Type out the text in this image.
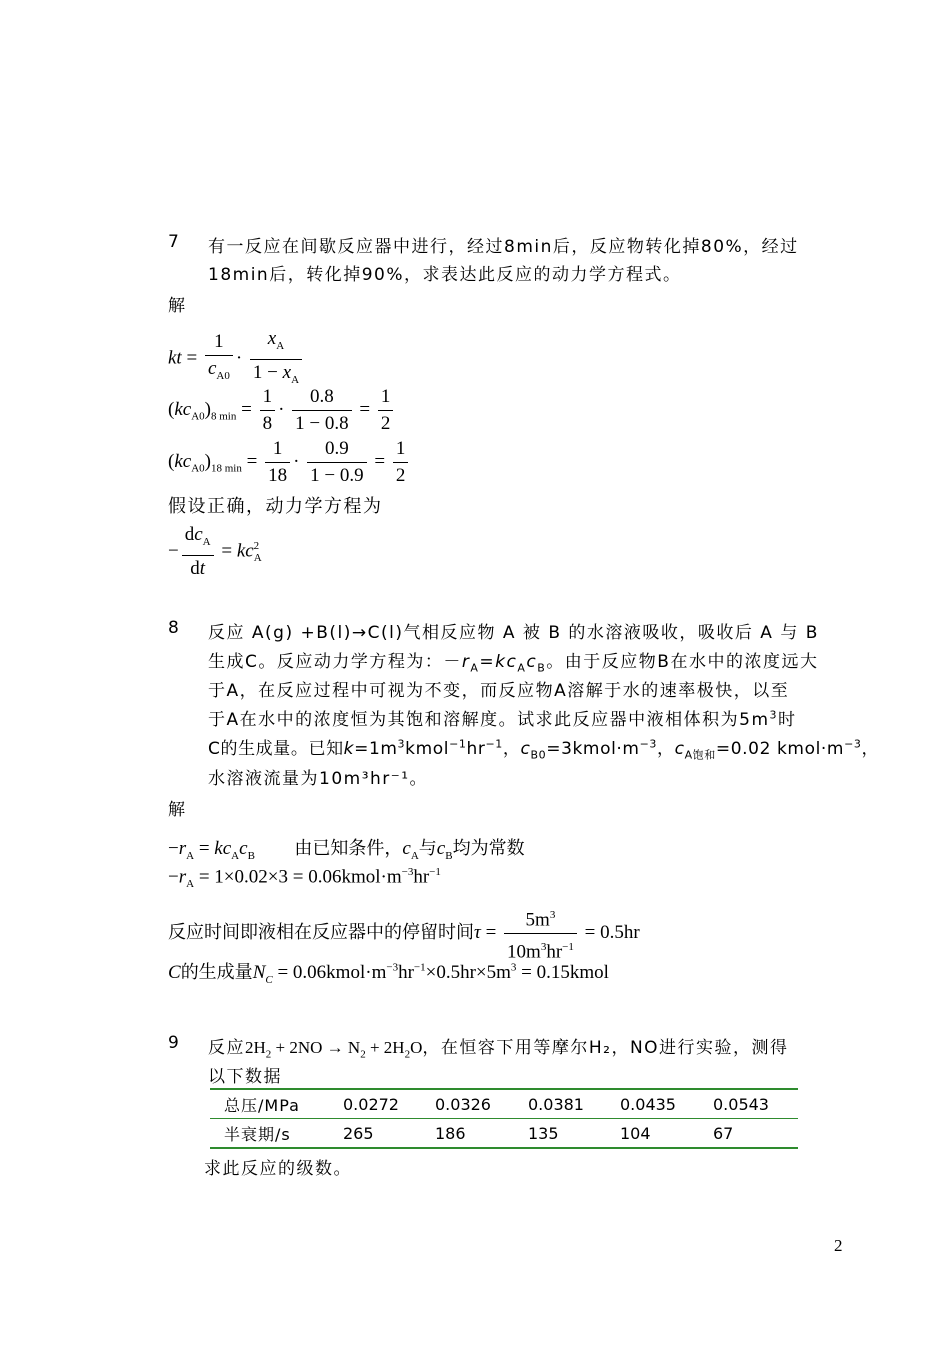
7 有一反应在间歇反应器中进行，经过8min后，反应物转化掉80%，经过
18min后，转化掉90%，求表达此反应的动力学方程式。
解
kt = $\frac{1}{c_{A0}} \cdot \frac{x_A}{1 - x_A}$
$(kc_{A0})_{8 min} = \frac{1}{8} \cdot \frac{0.8}{1 - 0.8} = \frac{1}{2}$
$(kc_{A0})_{18 min} = \frac{1}{18} \cdot \frac{0.9}{1 - 0.9} = \frac{1}{2}$
假设正确，动力学方程为
− $\frac{dc_A}{dt} = kc_A^2$
8 反应 A(g) +B(l)→C(l)气相反应物 A 被 B 的水溶液吸收，吸收后 A 与 B
生成C。反应动力学方程为：$-r_A=kc_Ac_B$。由于反应物B在水中的浓度远大
于A，在反应过程中可视为不变，而反应物A溶解于水的速率极快，以至
于A在水中的浓度恒为其饱和溶解度。试求此反应器中液相体积为$5m^3$时
C的生成量。已知$k=1m^3kmol^{-1}hr^{-1}$，$c_{B0}=3kmol\cdot m^{-3}$，$c_{A饱和}=0.02$ $kmol\cdot m^{-3}$，
水溶液流量为10m³hr⁻¹。
解
$-r_A = kc_Ac_B$ 由已知条件，$c_A$与$c_B$均为常数
$-r_A = 1\times 0.02\times 3$ = $0.06kmol\cdot m^{-3}hr^{-1}$
反应时间即液相在反应器中的停留时间$\tau = \frac{5m^3}{10m^3hr^{-1}} = 0.5hr$
C的生成量$N_C$ = $0.06kmol\cdot m^{-3}hr^{-1}\times 0.5hr\times 5m^3$ = 0.15kmol
9 反应$2H_2 + 2NO \to N_2 + 2H_2O$，在恒容下用等摩尔H₂，NO进行实验，测得
以下数据
总压/MPa	0.0272	0.0326	0.0381	0.0435	0.0543
半衰期/s	265	186	135	104	67
求此反应的级数。
2
